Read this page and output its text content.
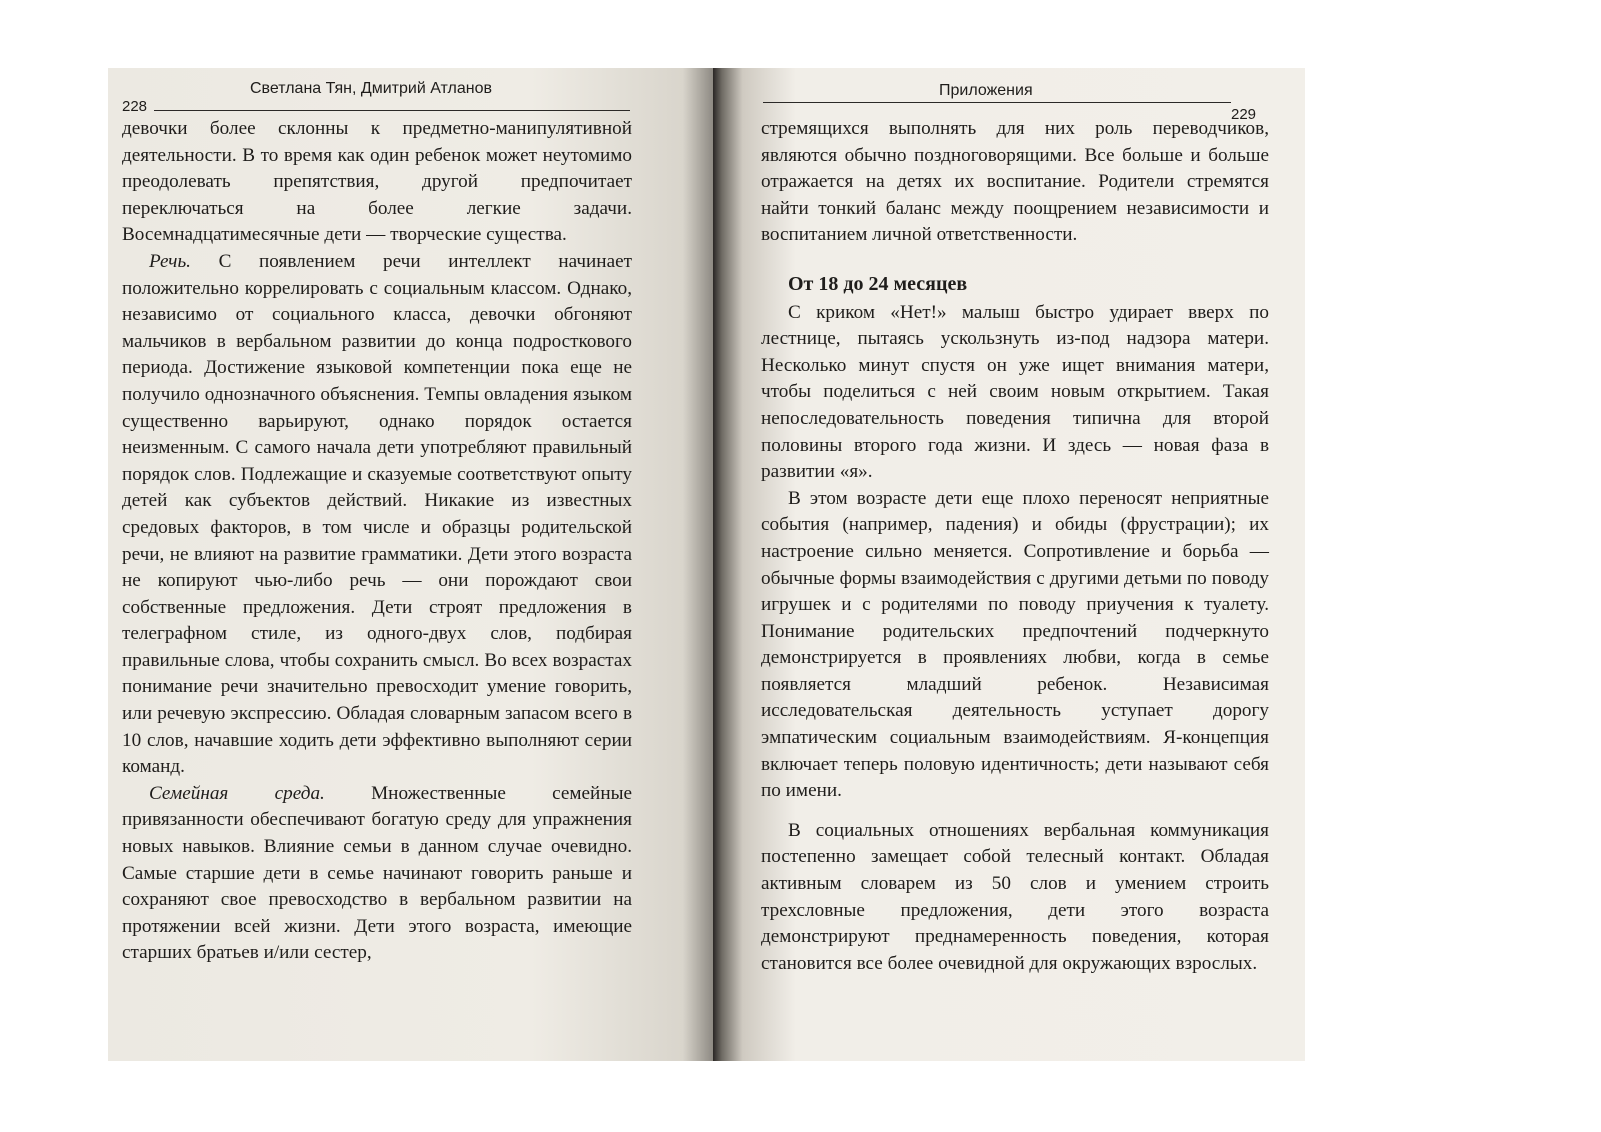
228
Светлана Тян, Дмитрий Атланов

девочки более склонны к предметно-манипулятивной деятельности. В то время как один ребенок может неутомимо преодолевать препятствия, другой предпочитает переключаться на более легкие задачи. Восемнадцатимесячные дети — творческие существа.

Речь. С появлением речи интеллект начинает положительно коррелировать с социальным классом. Однако, независимо от социального класса, девочки обгоняют мальчиков в вербальном развитии до конца подросткового периода. Достижение языковой компетенции пока еще не получило однозначного объяснения. Темпы овладения языком существенно варьируют, однако порядок остается неизменным. С самого начала дети употребляют правильный порядок слов. Подлежащие и сказуемые соответствуют опыту детей как субъектов действий. Никакие из известных средовых факторов, в том числе и образцы родительской речи, не влияют на развитие грамматики. Дети этого возраста не копируют чью-либо речь — они порождают свои собственные предложения. Дети строят предложения в телеграфном стиле, из одного-двух слов, подбирая правильные слова, чтобы сохранить смысл. Во всех возрастах понимание речи значительно превосходит умение говорить, или речевую экспрессию. Обладая словарным запасом всего в 10 слов, начавшие ходить дети эффективно выполняют серии команд.

Семейная среда. Множественные семейные привязанности обеспечивают богатую среду для упражнения новых навыков. Влияние семьи в данном случае очевидно. Самые старшие дети в семье начинают говорить раньше и сохраняют свое превосходство в вербальном развитии на протяжении всей жизни. Дети этого возраста, имеющие старших братьев и/или сестер,

Приложения
229

стремящихся выполнять для них роль переводчиков, являются обычно поздноговорящими. Все больше и больше отражается на детях их воспитание. Родители стремятся найти тонкий баланс между поощрением независимости и воспитанием личной ответственности.

От 18 до 24 месяцев

С криком «Нет!» малыш быстро удирает вверх по лестнице, пытаясь ускользнуть из-под надзора матери. Несколько минут спустя он уже ищет внимания матери, чтобы поделиться с ней своим новым открытием. Такая непоследовательность поведения типична для второй половины второго года жизни. И здесь — новая фаза в развитии «я».

В этом возрасте дети еще плохо переносят неприятные события (например, падения) и обиды (фрустрации); их настроение сильно меняется. Сопротивление и борьба — обычные формы взаимодействия с другими детьми по поводу игрушек и с родителями по поводу приучения к туалету. Понимание родительских предпочтений подчеркнуто демонстрируется в проявлениях любви, когда в семье появляется младший ребенок. Независимая исследовательская деятельность уступает дорогу эмпатическим социальным взаимодействиям. Я-концепция включает теперь половую идентичность; дети называют себя по имени.

В социальных отношениях вербальная коммуникация постепенно замещает собой телесный контакт. Обладая активным словарем из 50 слов и умением строить трехсловные предложения, дети этого возраста демонстрируют преднамеренность поведения, которая становится все более очевидной для окружающих взрослых.
